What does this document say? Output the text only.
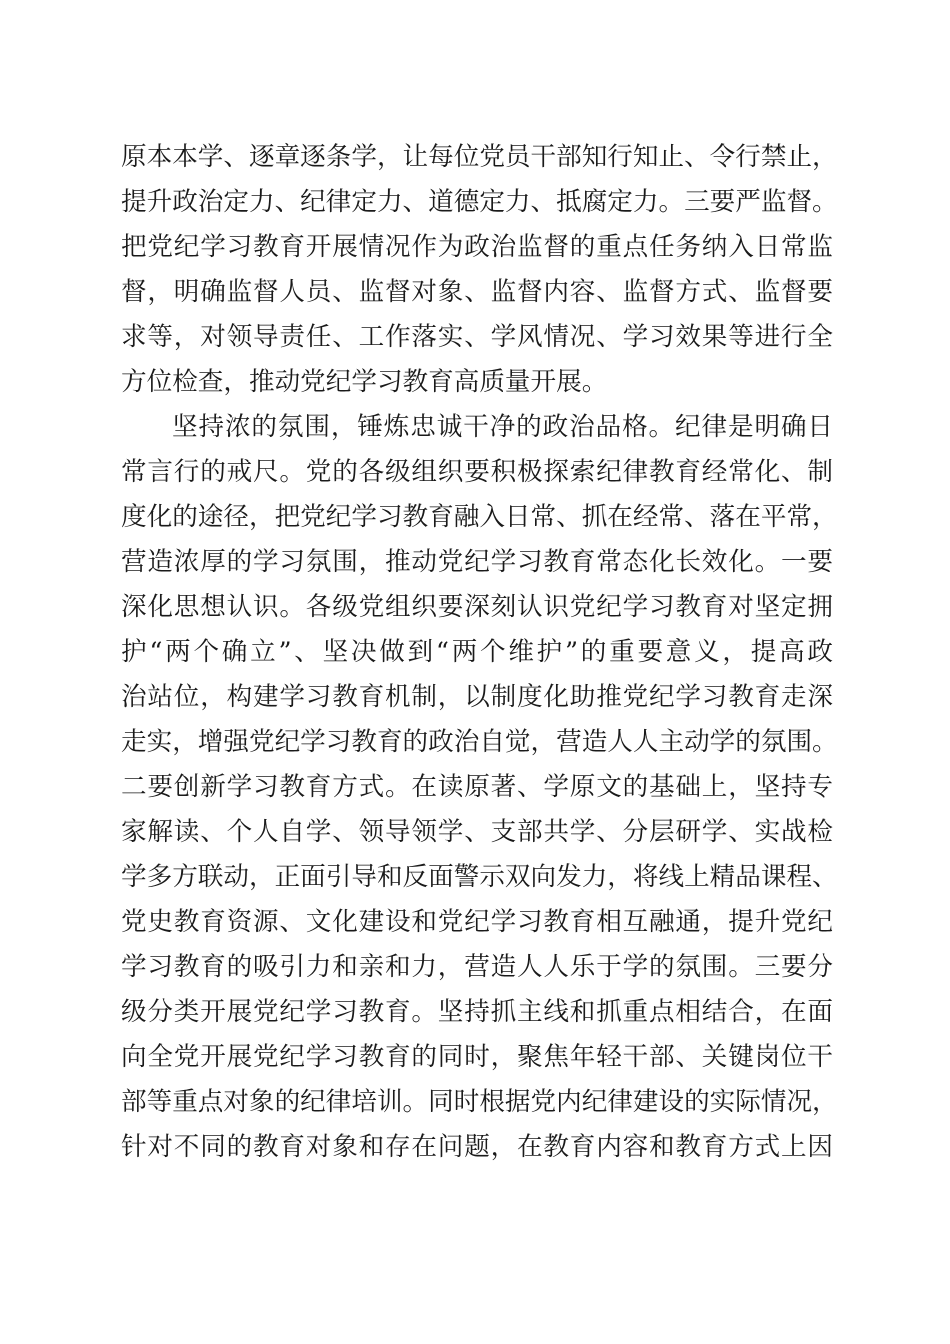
原本本学、逐章逐条学，让每位党员干部知行知止、令行禁止，
提升政治定力、纪律定力、道德定力、抵腐定力。三要严监督。
把党纪学习教育开展情况作为政治监督的重点任务纳入日常监
督，明确监督人员、监督对象、监督内容、监督方式、监督要
求等，对领导责任、工作落实、学风情况、学习效果等进行全
方位检查，推动党纪学习教育高质量开展。
坚持浓的氛围，锤炼忠诚干净的政治品格。纪律是明确日
常言行的戒尺。党的各级组织要积极探索纪律教育经常化、制
度化的途径，把党纪学习教育融入日常、抓在经常、落在平常，
营造浓厚的学习氛围，推动党纪学习教育常态化长效化。一要
深化思想认识。各级党组织要深刻认识党纪学习教育对坚定拥
护“两个确立”、坚决做到“两个维护”的重要意义，提高政
治站位，构建学习教育机制，以制度化助推党纪学习教育走深
走实，增强党纪学习教育的政治自觉，营造人人主动学的氛围。
二要创新学习教育方式。在读原著、学原文的基础上，坚持专
家解读、个人自学、领导领学、支部共学、分层研学、实战检
学多方联动，正面引导和反面警示双向发力，将线上精品课程、
党史教育资源、文化建设和党纪学习教育相互融通，提升党纪
学习教育的吸引力和亲和力，营造人人乐于学的氛围。三要分
级分类开展党纪学习教育。坚持抓主线和抓重点相结合，在面
向全党开展党纪学习教育的同时，聚焦年轻干部、关键岗位干
部等重点对象的纪律培训。同时根据党内纪律建设的实际情况，
针对不同的教育对象和存在问题，在教育内容和教育方式上因
